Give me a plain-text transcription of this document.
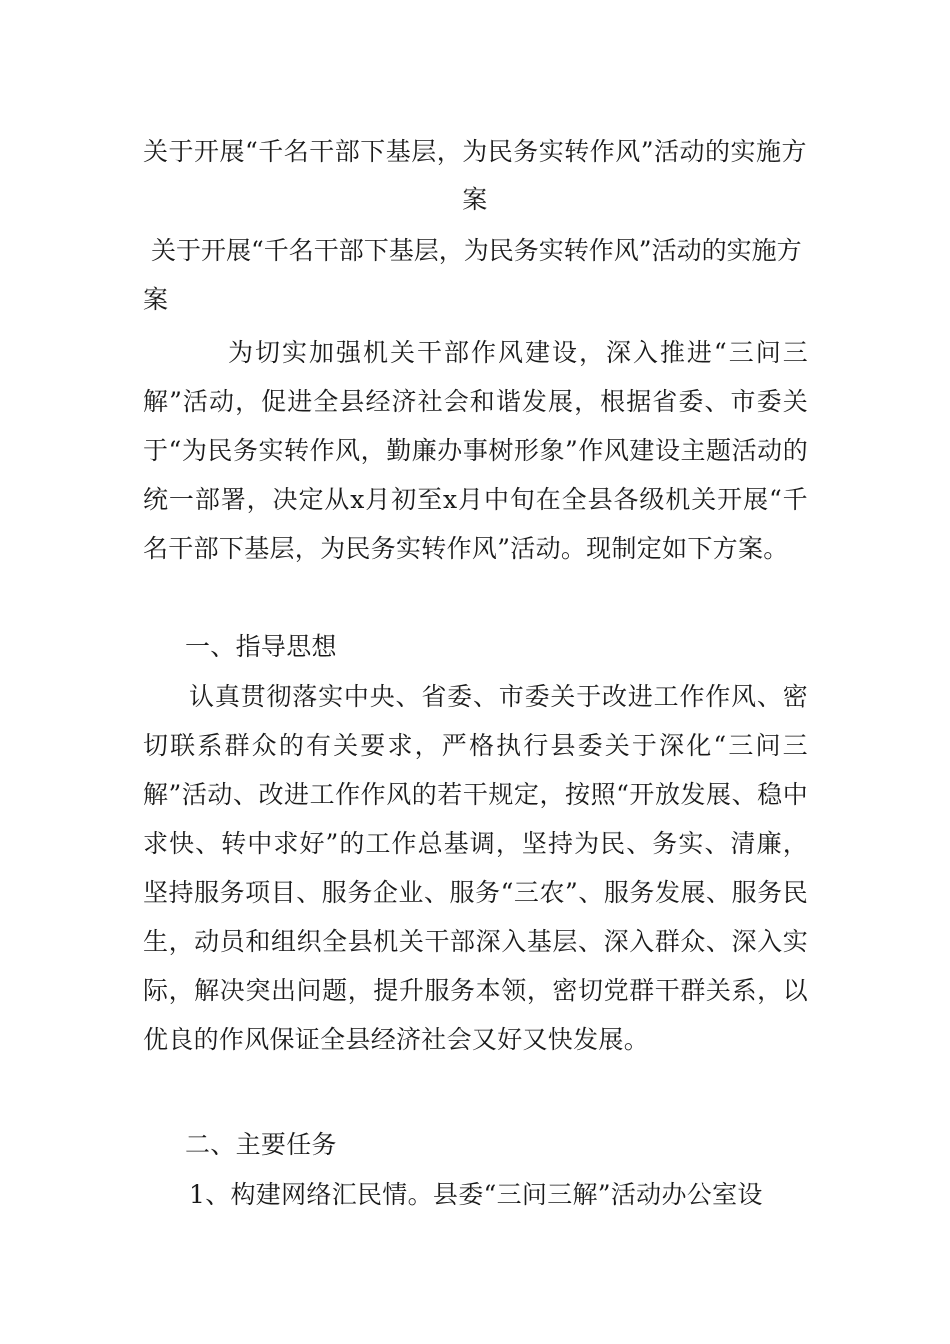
关于开展“千名干部下基层，为民务实转作风”活动的实施方案
关于开展“千名干部下基层，为民务实转作风”活动的实施方案
为切实加强机关干部作风建设，深入推进“三问三解”活动，促进全县经济社会和谐发展，根据省委、市委关于“为民务实转作风，勤廉办事树形象”作风建设主题活动的统一部署，决定从x月初至x月中旬在全县各级机关开展“千名干部下基层，为民务实转作风”活动。现制定如下方案。
一、指导思想
认真贯彻落实中央、省委、市委关于改进工作作风、密切联系群众的有关要求，严格执行县委关于深化“三问三解”活动、改进工作作风的若干规定，按照“开放发展、稳中求快、转中求好”的工作总基调，坚持为民、务实、清廉，坚持服务项目、服务企业、服务“三农”、服务发展、服务民生，动员和组织全县机关干部深入基层、深入群众、深入实际，解决突出问题，提升服务本领，密切党群干群关系，以优良的作风保证全县经济社会又好又快发展。
二、主要任务
1、构建网络汇民情。县委“三问三解”活动办公室设
